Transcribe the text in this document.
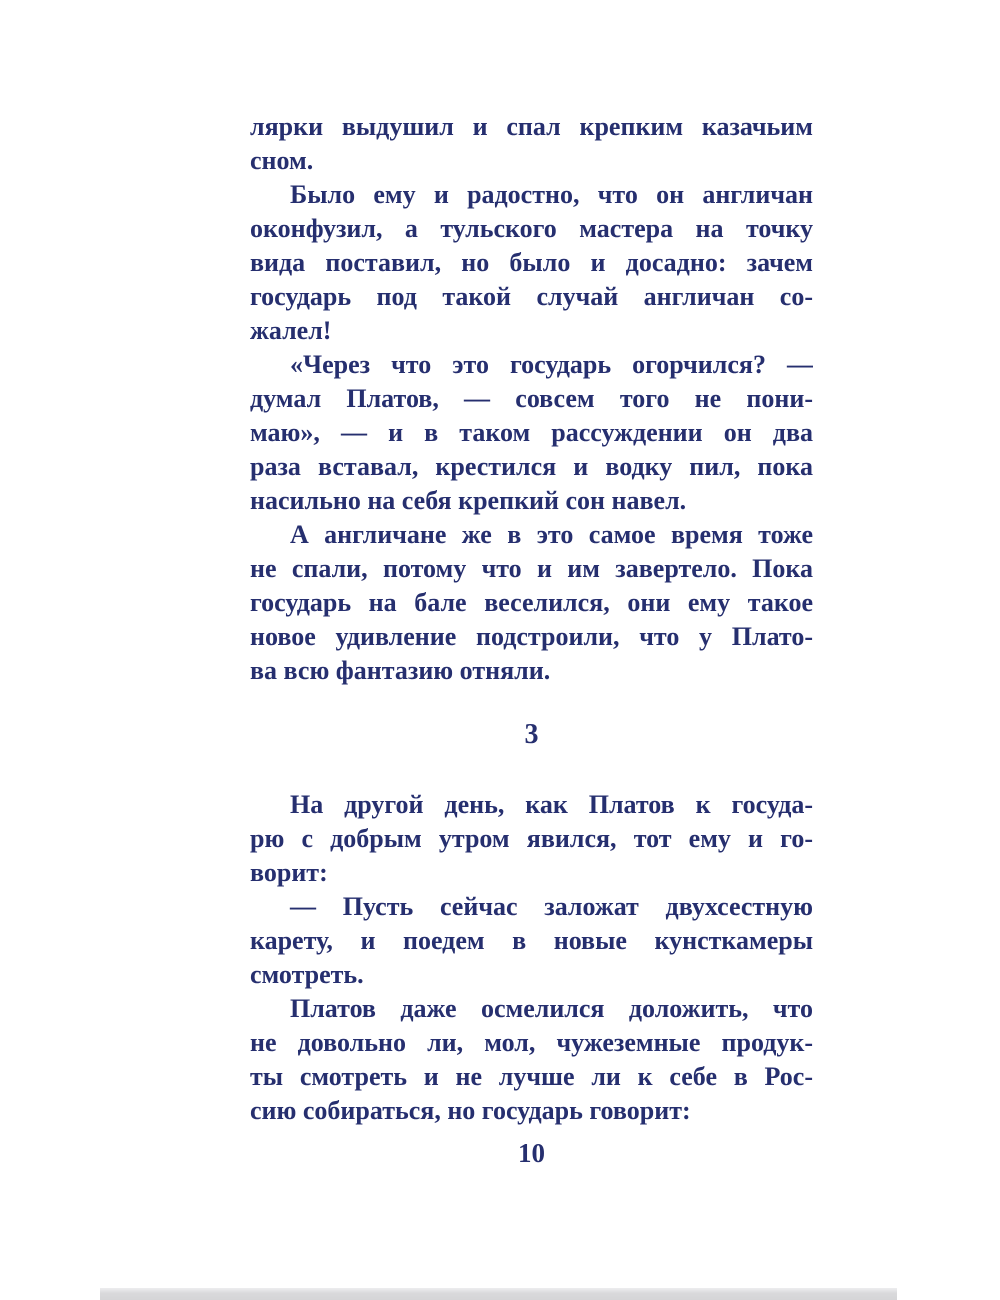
лярки выдушил и спал крепким казачьим
сном.
Было ему и радостно, что он англичан
оконфузил, а тульского мастера на точку
вида поставил, но было и досадно: зачем
государь под такой случай англичан со-
жалел!
«Через что это государь огорчился? —
думал Платов, — совсем того не пони-
маю», — и в таком рассуждении он два
раза вставал, крестился и водку пил, пока
насильно на себя крепкий сон навел.
А англичане же в это самое время тоже
не спали, потому что и им завертело. Пока
государь на бале веселился, они ему такое
новое удивление подстроили, что у Плато-
ва всю фантазию отняли.
3
На другой день, как Платов к госуда-
рю с добрым утром явился, тот ему и го-
ворит:
— Пусть сейчас заложат двухсестную
карету, и поедем в новые кунсткамеры
смотреть.
Платов даже осмелился доложить, что
не довольно ли, мол, чужеземные продук-
ты смотреть и не лучше ли к себе в Рос-
сию собираться, но государь говорит:
10
